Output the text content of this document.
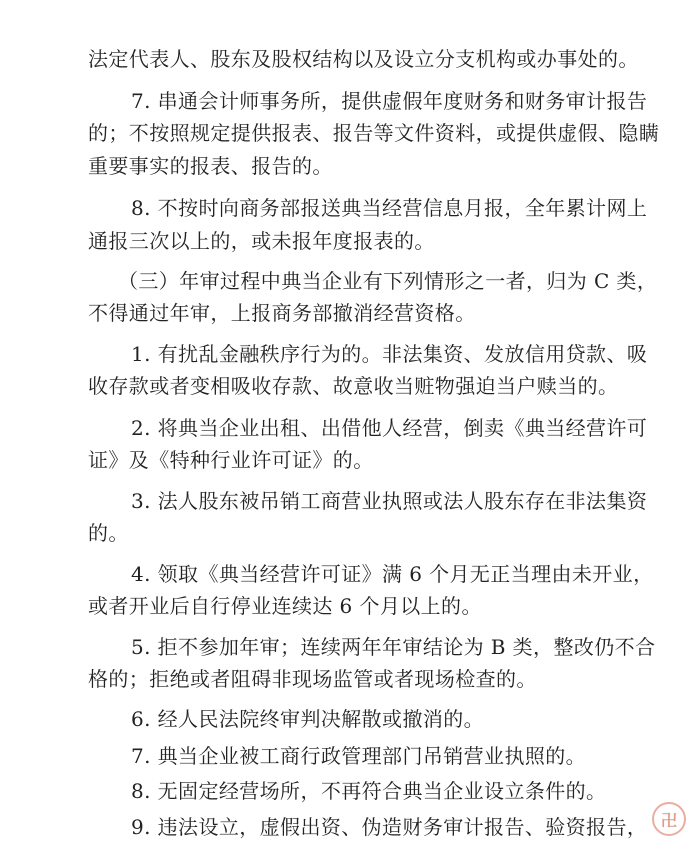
法定代表人、股东及股权结构以及设立分支机构或办事处的。
7. 串通会计师事务所，提供虚假年度财务和财务审计报告
的；不按照规定提供报表、报告等文件资料，或提供虚假、隐瞒
重要事实的报表、报告的。
8. 不按时向商务部报送典当经营信息月报，全年累计网上
通报三次以上的，或未报年度报表的。
（三）年审过程中典当企业有下列情形之一者，归为 C 类，
不得通过年审，上报商务部撤消经营资格。
1. 有扰乱金融秩序行为的。非法集资、发放信用贷款、吸
收存款或者变相吸收存款、故意收当赃物强迫当户赎当的。
2. 将典当企业出租、出借他人经营，倒卖《典当经营许可
证》及《特种行业许可证》的。
3. 法人股东被吊销工商营业执照或法人股东存在非法集资
的。
4. 领取《典当经营许可证》满 6 个月无正当理由未开业，
或者开业后自行停业连续达 6 个月以上的。
5. 拒不参加年审；连续两年年审结论为 B 类，整改仍不合
格的；拒绝或者阻碍非现场监管或者现场检查的。
6. 经人民法院终审判决解散或撤消的。
7. 典当企业被工商行政管理部门吊销营业执照的。
8. 无固定经营场所，不再符合典当企业设立条件的。
9. 违法设立，虚假出资、伪造财务审计报告、验资报告， 卍
